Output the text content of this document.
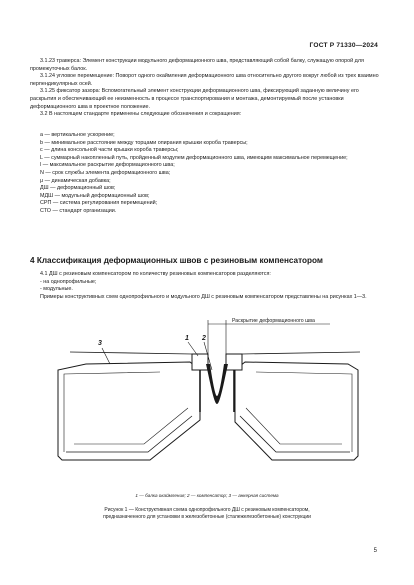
ГОСТ Р 71330—2024

3.1.23 траверса: Элемент конструкции модульного деформационного шва, представляющий собой балку, служащую опорой для промежуточных балок.

3.1.24 угловое перемещение: Поворот одного окаймления деформационного шва относительно другого вокруг любой из трех взаимно перпендикулярных осей.

3.1.25 фиксатор зазора: Вспомогательный элемент конструкции деформационного шва, фиксирующий заданную величину его раскрытия и обеспечивающий ее неизменность в процессе транспортирования и монтажа, демонтируемый после установки деформационного шва в проектное положение.

3.2 В настоящем стандарте применены следующие обозначения и сокращения:

a — вертикальное ускорение;

b — минимальное расстояние между торцами опирания крышки короба траверсы;

c — длина консольной части крышки короба траверсы;

L — суммарный накопленный путь, пройденный модулем деформационного шва, имеющим максимальное перемещение;

l — максимальное раскрытие деформационного шва;

N — срок службы элемента деформационного шва;

μ — динамическая добавка;

ДШ — деформационный шов;

МДШ — модульный деформационный шов;

СРП — система регулирования перемещений;

СТО — стандарт организации.

4 Классификация деформационных швов с резиновым компенсатором

4.1 ДШ с резиновым компенсатором по количеству резиновых компенсаторов разделяются:

- на однопрофильные;

- модульные.

Примеры конструктивных схем однопрофильного и модульного ДШ с резиновым компенсатором представлены на рисунках 1—3.

Раскрытие деформационного шва
1 2
3
1 — балка окаймления; 2 — компенсатор; 3 — анкерная система
Рисунок 1 — Конструктивная схема однопрофильного ДШ с резиновым компенсатором,
предназначенного для установки в железобетонные (сталежелезобетонные) конструкции
5
